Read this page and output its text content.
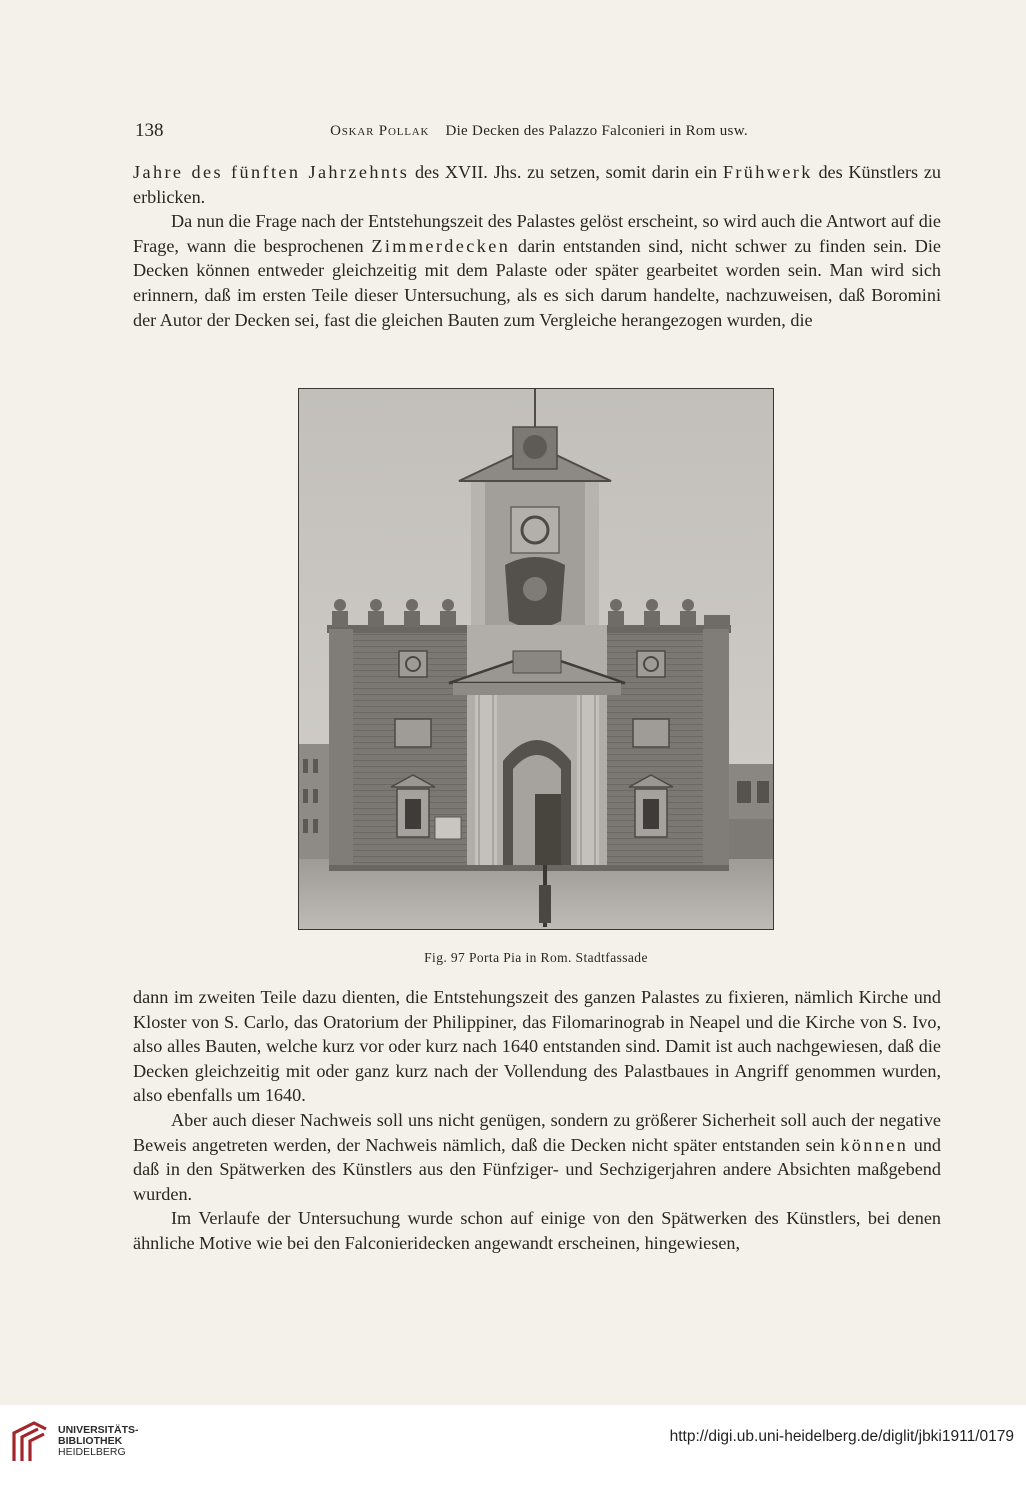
138	Oskar Pollak Die Decken des Palazzo Falconieri in Rom usw.

Jahre des fünften Jahrzehnts des XVII. Jhs. zu setzen, somit darin ein Frühwerk des Künstlers zu erblicken.

Da nun die Frage nach der Entstehungszeit des Palastes gelöst erscheint, so wird auch die Antwort auf die Frage, wann die besprochenen Zimmerdecken darin entstanden sind, nicht schwer zu finden sein. Die Decken können entweder gleichzeitig mit dem Palaste oder später gearbeitet worden sein. Man wird sich erinnern, daß im ersten Teile dieser Untersuchung, als es sich darum handelte, nachzuweisen, daß Boromini der Autor der Decken sei, fast die gleichen Bauten zum Vergleiche herangezogen wurden, die

Fig. 97 Porta Pia in Rom. Stadtfassade

dann im zweiten Teile dazu dienten, die Entstehungszeit des ganzen Palastes zu fixieren, nämlich Kirche und Kloster von S. Carlo, das Oratorium der Philippiner, das Filomarinograb in Neapel und die Kirche von S. Ivo, also alles Bauten, welche kurz vor oder kurz nach 1640 entstanden sind. Damit ist auch nachgewiesen, daß die Decken gleichzeitig mit oder ganz kurz nach der Vollendung des Palastbaues in Angriff genommen wurden, also ebenfalls um 1640.

Aber auch dieser Nachweis soll uns nicht genügen, sondern zu größerer Sicherheit soll auch der negative Beweis angetreten werden, der Nachweis nämlich, daß die Decken nicht später entstanden sein können und daß in den Spätwerken des Künstlers aus den Fünfziger- und Sechzigerjahren andere Absichten maßgebend wurden.

Im Verlaufe der Untersuchung wurde schon auf einige von den Spätwerken des Künstlers, bei denen ähnliche Motive wie bei den Falconieridecken angewandt erscheinen, hingewiesen,

UNIVERSITÄTS-
BIBLIOTHEK
HEIDELBERG
http://digi.ub.uni-heidelberg.de/diglit/jbki1911/0179
